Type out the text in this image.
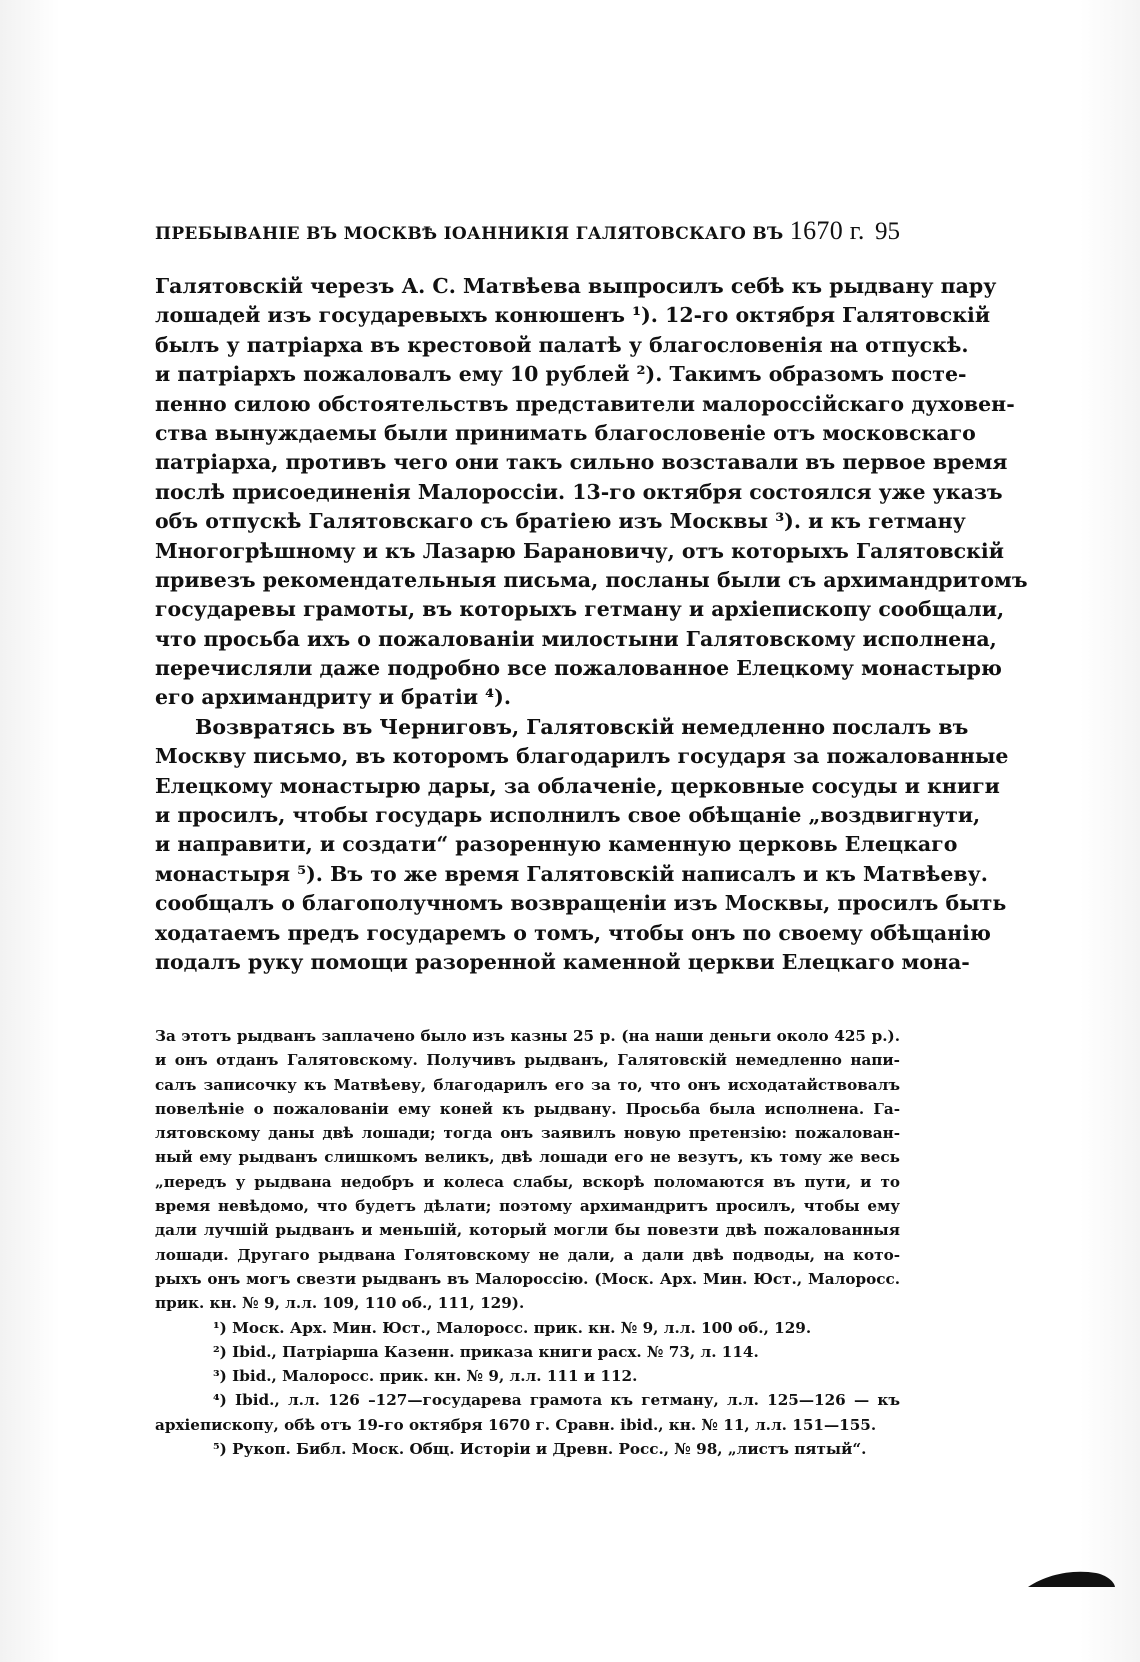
ПРЕБЫВАНІЕ ВЪ МОСКВѢ ІОАННИКІЯ ГАЛЯТОВСКАГО ВЪ 1670 г. 95
Галятовскій черезъ А. С. Матвѣева выпросилъ себѣ къ рыдвану пару
лошадей изъ государевыхъ конюшенъ ¹). 12-го октября Галятовскій
былъ у патріарха въ крестовой палатѣ у благословенія на отпускѣ.
и патріархъ пожаловалъ ему 10 рублей ²). Такимъ образомъ посте-
пенно силою обстоятельствъ представители малороссійскаго духовен-
ства вынуждаемы были принимать благословеніе отъ московскаго
патріарха, противъ чего они такъ сильно возставали въ первое время
послѣ присоединенія Малороссіи. 13-го октября состоялся уже указъ
объ отпускѣ Галятовскаго съ братіею изъ Москвы ³). и къ гетману
Многогрѣшному и къ Лазарю Барановичу, отъ которыхъ Галятовскій
привезъ рекомендательныя письма, посланы были съ архимандритомъ
государевы грамоты, въ которыхъ гетману и архіепископу сообщали,
что просьба ихъ о пожалованіи милостыни Галятовскому исполнена,
перечисляли даже подробно все пожалованное Елецкому монастырю
его архимандриту и братіи ⁴).
Возвратясь въ Черниговъ, Галятовскій немедленно послалъ въ
Москву письмо, въ которомъ благодарилъ государя за пожалованные
Елецкому монастырю дары, за облаченіе, церковные сосуды и книги
и просилъ, чтобы государь исполнилъ свое обѣщаніе „воздвигнути,
и направити, и создати“ разоренную каменную церковь Елецкаго
монастыря ⁵). Въ то же время Галятовскій написалъ и къ Матвѣеву.
сообщалъ о благополучномъ возвращеніи изъ Москвы, просилъ быть
ходатаемъ предъ государемъ о томъ, чтобы онъ по своему обѣщанію
подалъ руку помощи разоренной каменной церкви Елецкаго мона-
За этотъ рыдванъ заплачено было изъ казны 25 р. (на наши деньги около 425 р.).
и онъ отданъ Галятовскому. Получивъ рыдванъ, Галятовскій немедленно напи-
салъ записочку къ Матвѣеву, благодарилъ его за то, что онъ исходатайствовалъ
повелѣніе о пожалованіи ему коней къ рыдвану. Просьба была исполнена. Га-
лятовскому даны двѣ лошади; тогда онъ заявилъ новую претензію: пожалован-
ный ему рыдванъ слишкомъ великъ, двѣ лошади его не везутъ, къ тому же весь
„передъ у рыдвана недобръ и колеса слабы, вскорѣ поломаются въ пути, и то
время невѣдомо, что будетъ дѣлати; поэтому архимандритъ просилъ, чтобы ему
дали лучшій рыдванъ и меньшій, который могли бы повезти двѣ пожалованныя
лошади. Другаго рыдвана Голятовскому не дали, а дали двѣ подводы, на кото-
рыхъ онъ могъ свезти рыдванъ въ Малороссію. (Моск. Арх. Мин. Юст., Малоросс.
прик. кн. № 9, л.л. 109, 110 об., 111, 129).
¹) Моск. Арх. Мин. Юст., Малоросс. прик. кн. № 9, л.л. 100 об., 129.
²) Ibid., Патріарша Казенн. приказа книги расх. № 73, л. 114.
³) Ibid., Малоросс. прик. кн. № 9, л.л. 111 и 112.
⁴) Ibid., л.л. 126 –127—государева грамота къ гетману, л.л. 125—126 — къ
архіепископу, обѣ отъ 19-го октября 1670 г. Сравн. ibid., кн. № 11, л.л. 151—155.
⁵) Рукоп. Библ. Моск. Общ. Исторіи и Древн. Росс., № 98, „листъ пятый“.
